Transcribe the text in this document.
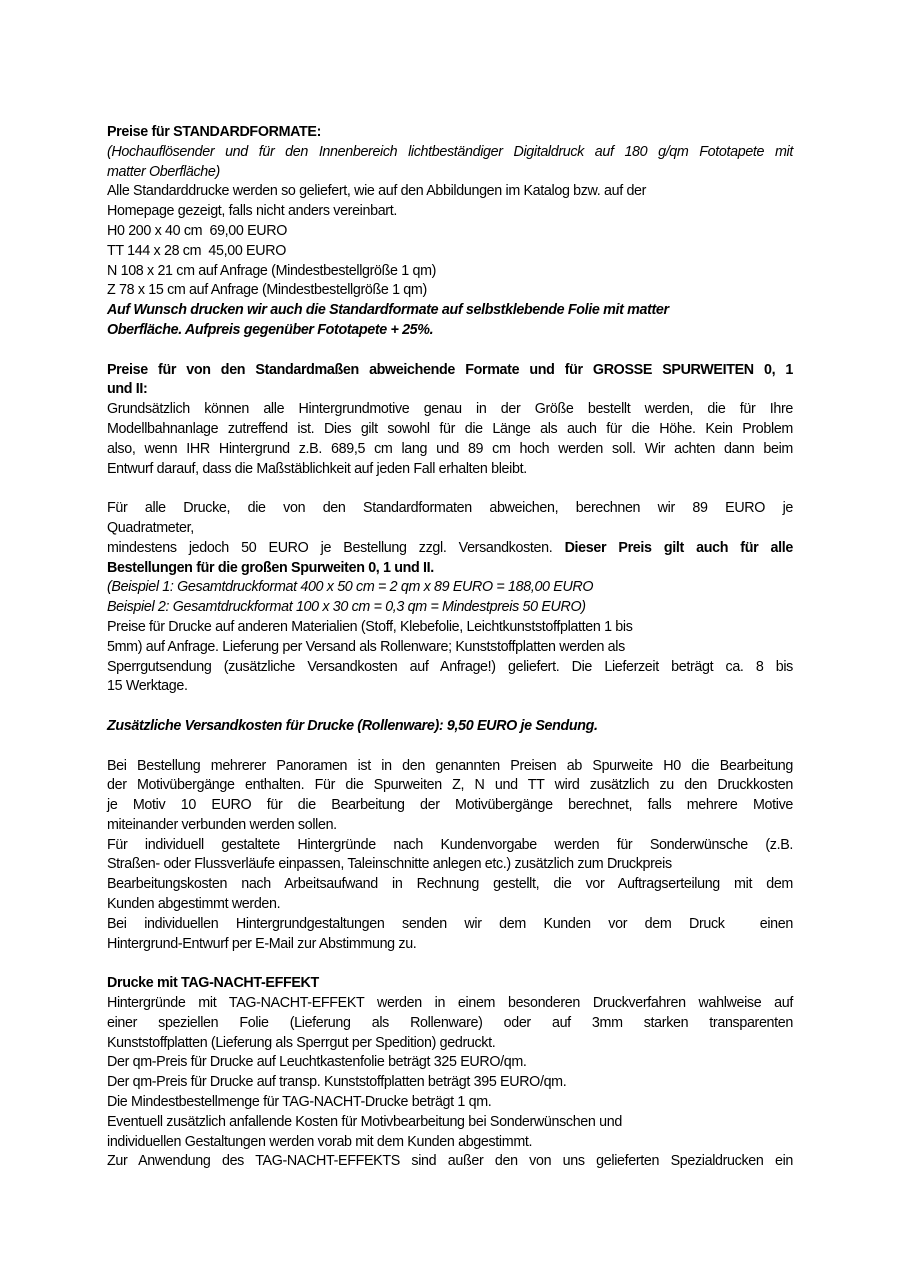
Preise für STANDARDFORMATE:
(Hochauflösender und für den Innenbereich lichtbeständiger Digitaldruck auf 180 g/qm Fototapete mit
matter Oberfläche)
Alle Standarddrucke werden so geliefert, wie auf den Abbildungen im Katalog bzw. auf der
Homepage gezeigt, falls nicht anders vereinbart.
H0 200 x 40 cm  69,00 EURO
TT 144 x 28 cm  45,00 EURO
N 108 x 21 cm auf Anfrage (Mindestbestellgröße 1 qm)
Z 78 x 15 cm auf Anfrage (Mindestbestellgröße 1 qm)
Auf Wunsch drucken wir auch die Standardformate auf selbstklebende Folie mit matter
Oberfläche. Aufpreis gegenüber Fototapete + 25%.
Preise für von den Standardmaßen abweichende Formate und für GROSSE SPURWEITEN 0, 1
und II:
Grundsätzlich können alle Hintergrundmotive genau in der Größe bestellt werden, die für Ihre
Modellbahnanlage zutreffend ist. Dies gilt sowohl für die Länge als auch für die Höhe. Kein Problem
also, wenn IHR Hintergrund z.B. 689,5 cm lang und 89 cm hoch werden soll. Wir achten dann beim
Entwurf darauf, dass die Maßstäblichkeit auf jeden Fall erhalten bleibt.
Für alle Drucke, die von den Standardformaten abweichen, berechnen wir 89 EURO je
Quadratmeter,
mindestens jedoch 50 EURO je Bestellung zzgl. Versandkosten. Dieser Preis gilt auch für alle
Bestellungen für die großen Spurweiten 0, 1 und II.
(Beispiel 1: Gesamtdruckformat 400 x 50 cm = 2 qm x 89 EURO = 188,00 EURO
Beispiel 2: Gesamtdruckformat 100 x 30 cm = 0,3 qm = Mindestpreis 50 EURO)
Preise für Drucke auf anderen Materialien (Stoff, Klebefolie, Leichtkunststoffplatten 1 bis
5mm) auf Anfrage. Lieferung per Versand als Rollenware; Kunststoffplatten werden als
Sperrgutsendung (zusätzliche Versandkosten auf Anfrage!) geliefert. Die Lieferzeit beträgt ca. 8 bis
15 Werktage.
Zusätzliche Versandkosten für Drucke (Rollenware): 9,50 EURO je Sendung.
Bei Bestellung mehrerer Panoramen ist in den genannten Preisen ab Spurweite H0 die Bearbeitung
der Motivübergänge enthalten. Für die Spurweiten Z, N und TT wird zusätzlich zu den Druckkosten
je Motiv 10 EURO für die Bearbeitung der Motivübergänge berechnet, falls mehrere Motive
miteinander verbunden werden sollen.
Für individuell gestaltete Hintergründe nach Kundenvorgabe werden für Sonderwünsche (z.B.
Straßen- oder Flussverläufe einpassen, Taleinschnitte anlegen etc.) zusätzlich zum Druckpreis
Bearbeitungskosten nach Arbeitsaufwand in Rechnung gestellt, die vor Auftragserteilung mit dem
Kunden abgestimmt werden.
Bei individuellen Hintergrundgestaltungen senden wir dem Kunden vor dem Druck  einen
Hintergrund-Entwurf per E-Mail zur Abstimmung zu.
Drucke mit TAG-NACHT-EFFEKT
Hintergründe mit TAG-NACHT-EFFEKT werden in einem besonderen Druckverfahren wahlweise auf
einer speziellen Folie (Lieferung als Rollenware) oder auf 3mm starken transparenten
Kunststoffplatten (Lieferung als Sperrgut per Spedition) gedruckt.
Der qm-Preis für Drucke auf Leuchtkastenfolie beträgt 325 EURO/qm.
Der qm-Preis für Drucke auf transp. Kunststoffplatten beträgt 395 EURO/qm.
Die Mindestbestellmenge für TAG-NACHT-Drucke beträgt 1 qm.
Eventuell zusätzlich anfallende Kosten für Motivbearbeitung bei Sonderwünschen und
individuellen Gestaltungen werden vorab mit dem Kunden abgestimmt.
Zur Anwendung des TAG-NACHT-EFFEKTS sind außer den von uns gelieferten Spezialdrucken ein
